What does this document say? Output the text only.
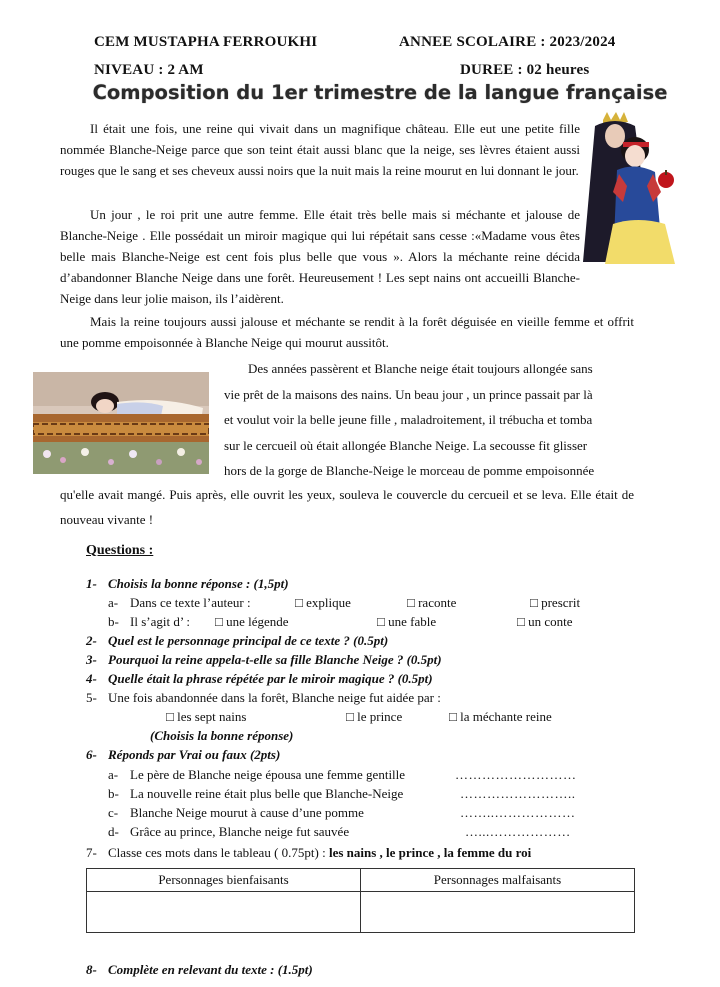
CEM MUSTAPHA FERROUKHI	ANNEE SCOLAIRE : 2023/2024
NIVEAU : 2 AM	DUREE : 02 heures
Composition du 1er trimestre de la langue française

Il était une fois, une reine qui vivait dans un magnifique château. Elle eut une petite fille nommée Blanche-Neige parce que son teint était aussi blanc que la neige, ses lèvres étaient aussi rouges que le sang et ses cheveux aussi noirs que la nuit mais la reine mourut en lui donnant le jour.

Un jour , le roi prit une autre femme. Elle était très belle mais si méchante et jalouse de Blanche-Neige . Elle possédait un miroir magique qui lui répétait sans cesse :«Madame vous êtes belle mais Blanche-Neige est cent fois plus belle que vous ». Alors la méchante reine décida d’abandonner Blanche Neige dans une forêt. Heureusement ! Les sept nains ont accueilli Blanche-Neige dans leur jolie maison, ils l’aidèrent.

Mais la reine toujours aussi jalouse et méchante se rendit à la forêt déguisée en vieille femme et offrit une pomme empoisonnée à Blanche Neige qui mourut aussitôt.

Des années passèrent et Blanche neige était toujours allongée sans
vie prêt de la maisons des nains. Un beau jour , un prince passait par là
et voulut voir la belle jeune fille , maladroitement, il trébucha et tomba
sur le cercueil où était allongée Blanche Neige. La secousse fit glisser
hors de la gorge de Blanche-Neige le morceau de pomme empoisonnée

qu'elle avait mangé. Puis après, elle ouvrit les yeux, souleva le couvercle du cercueil et se leva. Elle était de nouveau vivante !

Questions :
1- Choisis la bonne réponse : (1,5pt)
a- Dans ce texte l’auteur :	□ explique	□ raconte	□ prescrit
b- Il s’agit d’ : □ une légende	□ une fable	□ un conte
2- Quel est le personnage principal de ce texte ? (0.5pt)
3- Pourquoi la reine appela-t-elle sa fille Blanche Neige ? (0.5pt)
4- Quelle était la phrase répétée par le miroir magique ? (0.5pt)
5- Une fois abandonnée dans la forêt, Blanche neige fut aidée par :
□ les sept nains	□ le prince	□ la méchante reine
(Choisis la bonne réponse)
6- Réponds par Vrai ou faux (2pts)
a- Le père de Blanche neige épousa une femme gentille	………………………
b- La nouvelle reine était plus belle que Blanche-Neige	……………………..
c- Blanche Neige mourut à cause d’une pomme	……..………………
d- Grâce au prince, Blanche neige fut sauvée	…...………………
7- Classe ces mots dans le tableau ( 0.75pt) : les nains , le prince , la femme du roi
Personnages bienfaisants	Personnages malfaisants

8- Complète en relevant du texte : (1.5pt)
